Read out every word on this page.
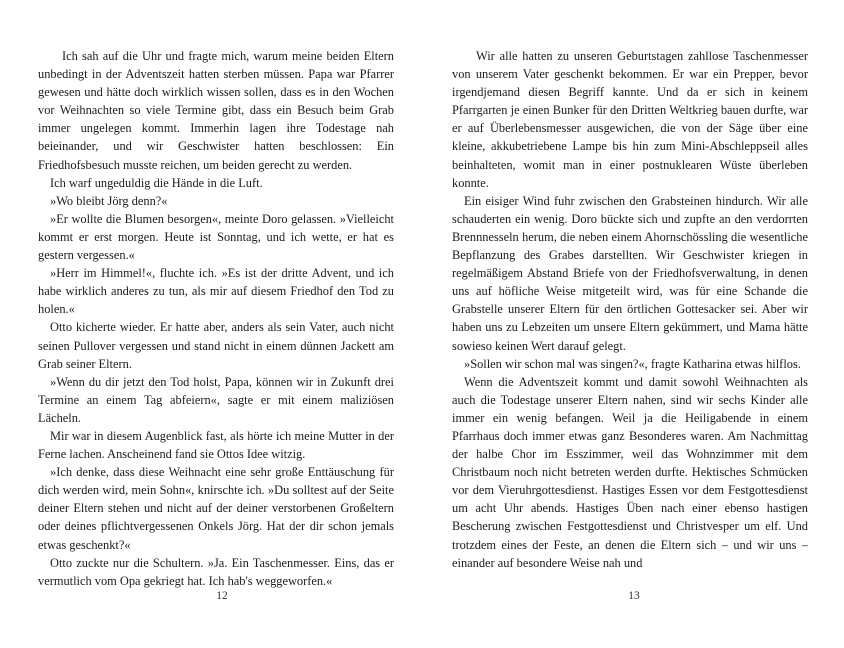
Ich sah auf die Uhr und fragte mich, warum meine beiden Eltern unbedingt in der Adventszeit hatten sterben müssen. Papa war Pfarrer gewesen und hätte doch wirklich wissen sollen, dass es in den Wochen vor Weihnachten so viele Termine gibt, dass ein Besuch beim Grab immer ungelegen kommt. Immerhin lagen ihre Todestage nah beieinander, und wir Geschwister hatten beschlossen: Ein Friedhofsbesuch musste reichen, um beiden gerecht zu werden.

Ich warf ungeduldig die Hände in die Luft.

»Wo bleibt Jörg denn?«

»Er wollte die Blumen besorgen«, meinte Doro gelassen. »Vielleicht kommt er erst morgen. Heute ist Sonntag, und ich wette, er hat es gestern vergessen.«

»Herr im Himmel!«, fluchte ich. »Es ist der dritte Advent, und ich habe wirklich anderes zu tun, als mir auf diesem Friedhof den Tod zu holen.«

Otto kicherte wieder. Er hatte aber, anders als sein Vater, auch nicht seinen Pullover vergessen und stand nicht in einem dünnen Jackett am Grab seiner Eltern.

»Wenn du dir jetzt den Tod holst, Papa, können wir in Zukunft drei Termine an einem Tag abfeiern«, sagte er mit einem maliziösen Lächeln.

Mir war in diesem Augenblick fast, als hörte ich meine Mutter in der Ferne lachen. Anscheinend fand sie Ottos Idee witzig.

»Ich denke, dass diese Weihnacht eine sehr große Enttäuschung für dich werden wird, mein Sohn«, knirschte ich. »Du solltest auf der Seite deiner Eltern stehen und nicht auf der deiner verstorbenen Großeltern oder deines pflichtvergessenen Onkels Jörg. Hat der dir schon jemals etwas geschenkt?«

Otto zuckte nur die Schultern. »Ja. Ein Taschenmesser. Eins, das er vermutlich vom Opa gekriegt hat. Ich hab's weggeworfen.«

12

Wir alle hatten zu unseren Geburtstagen zahllose Taschenmesser von unserem Vater geschenkt bekommen. Er war ein Prepper, bevor irgendjemand diesen Begriff kannte. Und da er sich in keinem Pfarrgarten je einen Bunker für den Dritten Weltkrieg bauen durfte, war er auf Überlebensmesser ausgewichen, die von der Säge über eine kleine, akkubetriebene Lampe bis hin zum Mini-Abschleppseil alles beinhalteten, womit man in einer postnuklearen Wüste überleben konnte.

Ein eisiger Wind fuhr zwischen den Grabsteinen hindurch. Wir alle schauderten ein wenig. Doro bückte sich und zupfte an den verdorrten Brennnesseln herum, die neben einem Ahornschössling die wesentliche Bepflanzung des Grabes darstellten. Wir Geschwister kriegen in regelmäßigem Abstand Briefe von der Friedhofsverwaltung, in denen uns auf höfliche Weise mitgeteilt wird, was für eine Schande die Grabstelle unserer Eltern für den örtlichen Gottesacker sei. Aber wir haben uns zu Lebzeiten um unsere Eltern gekümmert, und Mama hätte sowieso keinen Wert darauf gelegt.

»Sollen wir schon mal was singen?«, fragte Katharina etwas hilflos.

Wenn die Adventszeit kommt und damit sowohl Weihnachten als auch die Todestage unserer Eltern nahen, sind wir sechs Kinder alle immer ein wenig befangen. Weil ja die Heiligabende in einem Pfarrhaus doch immer etwas ganz Besonderes waren. Am Nachmittag der halbe Chor im Esszimmer, weil das Wohnzimmer mit dem Christbaum noch nicht betreten werden durfte. Hektisches Schmücken vor dem Vieruhrgottesdienst. Hastiges Essen vor dem Festgottesdienst um acht Uhr abends. Hastiges Üben nach einer ebenso hastigen Bescherung zwischen Festgottesdienst und Christvesper um elf. Und trotzdem eines der Feste, an denen die Eltern sich – und wir uns – einander auf besondere Weise nah und

13
